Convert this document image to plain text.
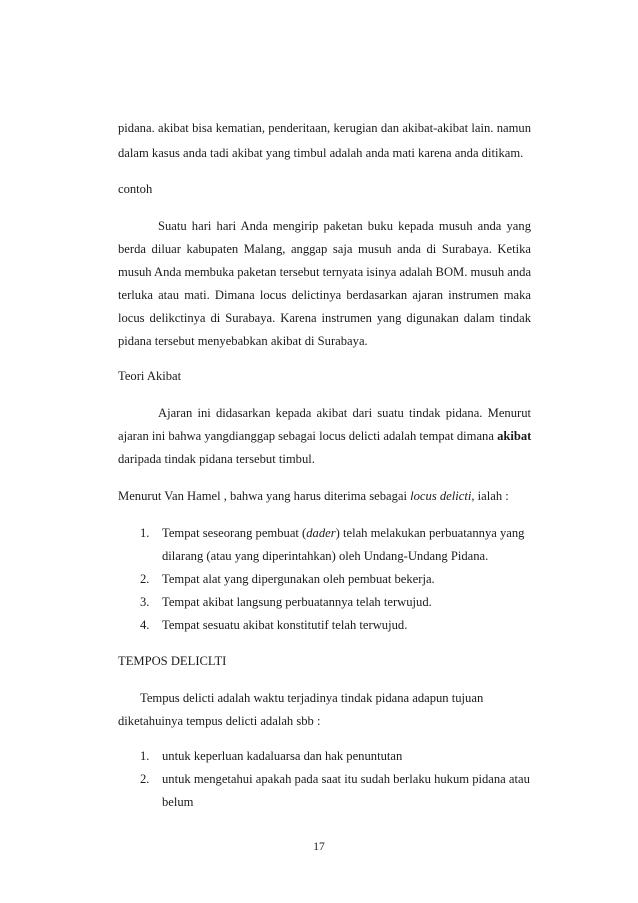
pidana. akibat bisa kematian, penderitaan, kerugian dan akibat-akibat lain. namun
dalam kasus anda tadi akibat yang timbul adalah anda mati karena anda ditikam.
contoh
Suatu hari hari Anda mengirip paketan buku kepada musuh anda yang
berda diluar kabupaten Malang, anggap saja musuh anda di Surabaya. Ketika
musuh Anda membuka paketan tersebut ternyata isinya adalah BOM. musuh anda
terluka atau mati. Dimana locus delictinya berdasarkan ajaran instrumen maka
locus delikctinya di Surabaya. Karena instrumen yang digunakan dalam tindak
pidana tersebut menyebabkan akibat di Surabaya.
Teori Akibat
Ajaran ini didasarkan kepada akibat dari suatu tindak pidana. Menurut
ajaran ini bahwa yangdianggap sebagai locus delicti adalah tempat dimana akibat
daripada tindak pidana tersebut timbul.
Menurut Van Hamel , bahwa yang harus diterima sebagai locus delicti, ialah :
1. Tempat seseorang pembuat (dader) telah melakukan perbuatannya yang
dilarang (atau yang diperintahkan) oleh Undang-Undang Pidana.
2. Tempat alat yang dipergunakan oleh pembuat bekerja.
3. Tempat akibat langsung perbuatannya telah terwujud.
4. Tempat sesuatu akibat konstitutif telah terwujud.
TEMPOS DELICLTI
Tempus delicti adalah waktu terjadinya tindak pidana adapun tujuan
diketahuinya tempus delicti adalah sbb :
1. untuk keperluan kadaluarsa dan hak penuntutan
2. untuk mengetahui apakah pada saat itu sudah berlaku hukum pidana atau
belum
17
